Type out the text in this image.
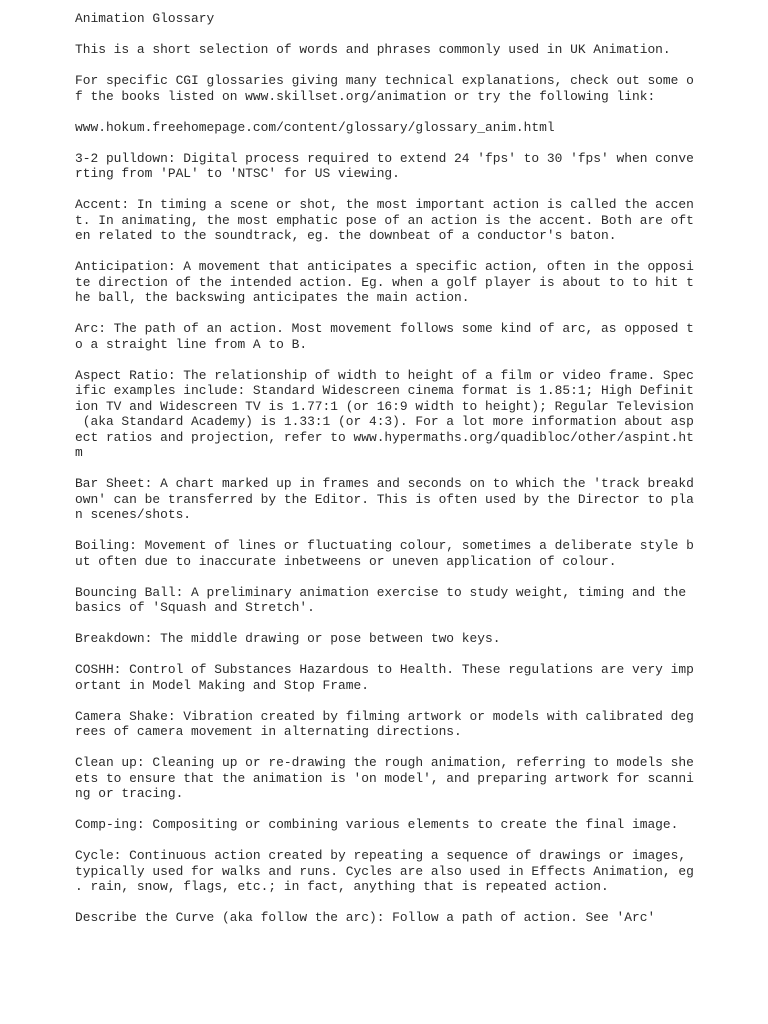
Animation Glossary

This is a short selection of words and phrases commonly used in UK Animation.

For specific CGI glossaries giving many technical explanations, check out some o
f the books listed on www.skillset.org/animation or try the following link:

www.hokum.freehomepage.com/content/glossary/glossary_anim.html

3-2 pulldown: Digital process required to extend 24 'fps' to 30 'fps' when conve
rting from 'PAL' to 'NTSC' for US viewing.

Accent: In timing a scene or shot, the most important action is called the accen
t. In animating, the most emphatic pose of an action is the accent. Both are oft
en related to the soundtrack, eg. the downbeat of a conductor's baton.

Anticipation: A movement that anticipates a specific action, often in the opposi
te direction of the intended action. Eg. when a golf player is about to to hit t
he ball, the backswing anticipates the main action.

Arc: The path of an action. Most movement follows some kind of arc, as opposed t
o a straight line from A to B.

Aspect Ratio: The relationship of width to height of a film or video frame. Spec
ific examples include: Standard Widescreen cinema format is 1.85:1; High Definit
ion TV and Widescreen TV is 1.77:1 (or 16:9 width to height); Regular Television
(aka Standard Academy) is 1.33:1 (or 4:3). For a lot more information about asp
ect ratios and projection, refer to www.hypermaths.org/quadibloc/other/aspint.ht
m

Bar Sheet: A chart marked up in frames and seconds on to which the 'track breakd
own' can be transferred by the Editor. This is often used by the Director to pla
n scenes/shots.

Boiling: Movement of lines or fluctuating colour, sometimes a deliberate style b
ut often due to inaccurate inbetweens or uneven application of colour.

Bouncing Ball: A preliminary animation exercise to study weight, timing and the
basics of 'Squash and Stretch'.

Breakdown: The middle drawing or pose between two keys.

COSHH: Control of Substances Hazardous to Health. These regulations are very imp
ortant in Model Making and Stop Frame.

Camera Shake: Vibration created by filming artwork or models with calibrated deg
rees of camera movement in alternating directions.

Clean up: Cleaning up or re-drawing the rough animation, referring to models she
ets to ensure that the animation is 'on model', and preparing artwork for scanni
ng or tracing.

Comp-ing: Compositing or combining various elements to create the final image.

Cycle: Continuous action created by repeating a sequence of drawings or images,
typically used for walks and runs. Cycles are also used in Effects Animation, eg
. rain, snow, flags, etc.; in fact, anything that is repeated action.

Describe the Curve (aka follow the arc): Follow a path of action. See 'Arc'
